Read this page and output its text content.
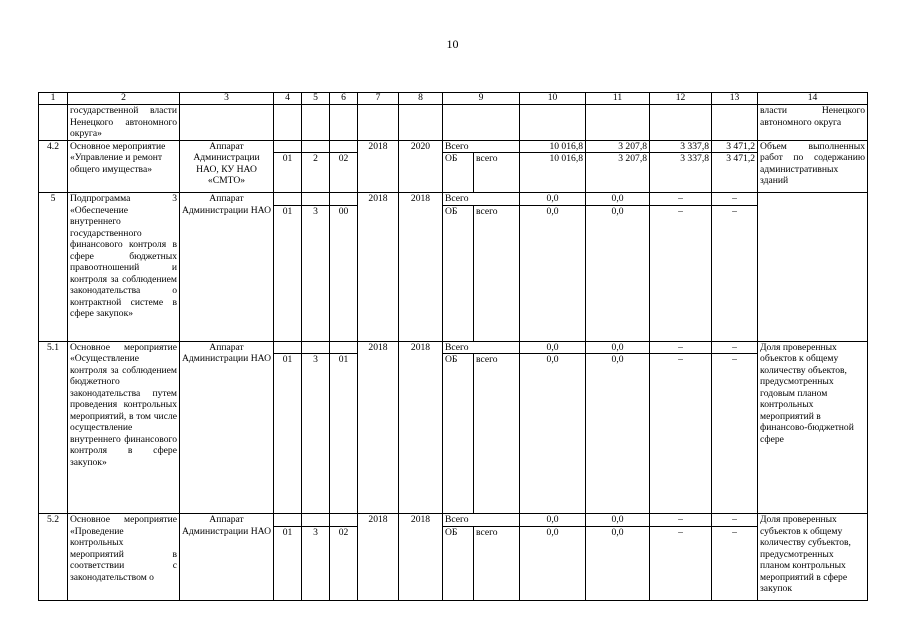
10
1	2	3	4	5	6	7	8	9		10	11	12	13	14
	государственной власти Ненецкого автономного округа»													власти Ненецкого автономного округа
4.2	Основное мероприятие «Управление и ремонт общего имущества»	Аппарат Администрации НАО, КУ НАО «СМТО»				2018	2020	Всего		10 016,8	3 207,8	3 337,8	3 471,2	Объем выполненных работ по содержанию административных зданий
			01	2	02			ОБ	всего	10 016,8	3 207,8	3 337,8	3 471,2	
5	Подпрограмма 3 «Обеспечение внутреннего государственного финансового контроля в сфере бюджетных правоотношений и контроля за соблюдением законодательства о контрактной системе в сфере закупок»	Аппарат Администрации НАО				2018	2018	Всего		0,0	0,0	–	–	
			01	3	00			ОБ	всего	0,0	0,0	–	–	
5.1	Основное мероприятие «Осуществление контроля за соблюдением бюджетного законодательства путем проведения контрольных мероприятий, в том числе осуществление внутреннего финансового контроля в сфере закупок»	Аппарат Администрации НАО				2018	2018	Всего		0,0	0,0	–	–	Доля проверенных объектов к общему количеству объектов, предусмотренных годовым планом контрольных мероприятий в финансово-бюджетной сфере
			01	3	01			ОБ	всего	0,0	0,0	–	–	
5.2	Основное мероприятие «Проведение контрольных мероприятий в соответствии с законодательством о	Аппарат Администрации НАО				2018	2018	Всего		0,0	0,0	–	–	Доля проверенных субъектов к общему количеству субъектов, предусмотренных планом контрольных мероприятий в сфере закупок
			01	3	02			ОБ	всего	0,0	0,0	–	–	
